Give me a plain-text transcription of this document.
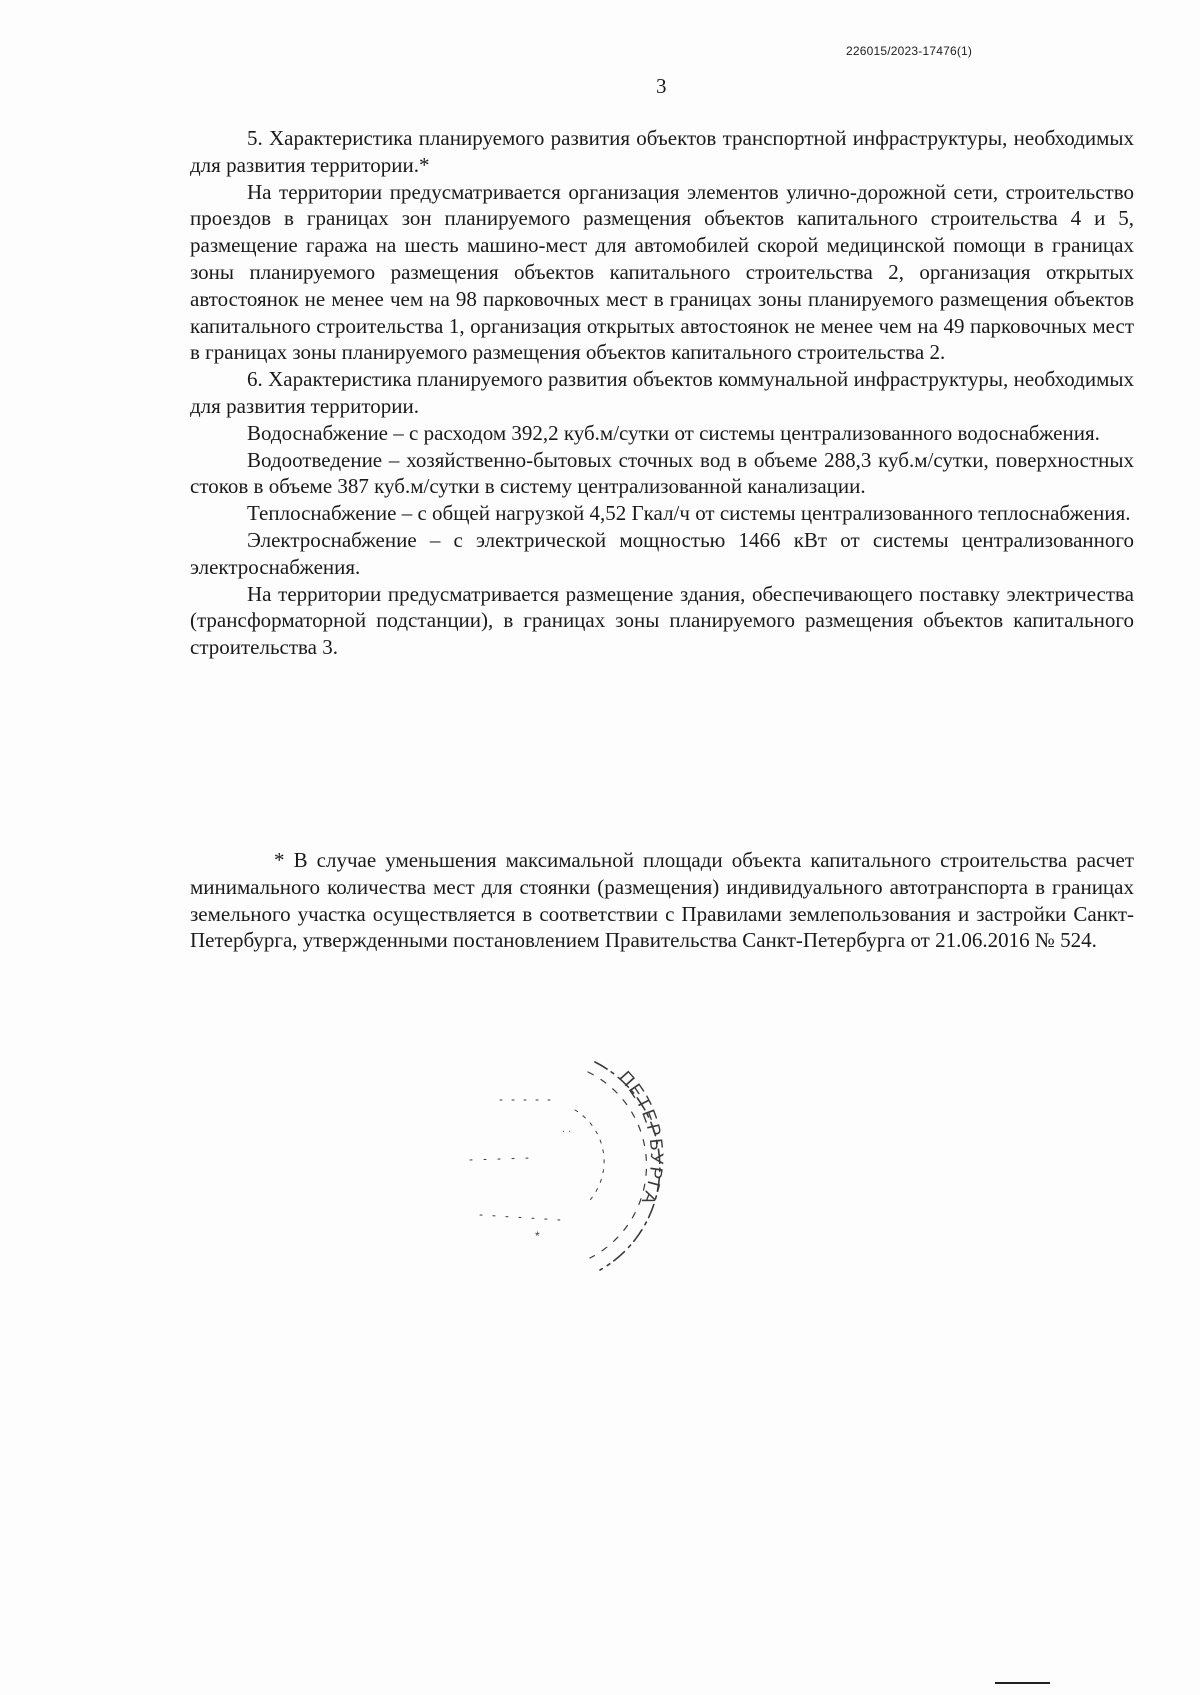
226015/2023-17476(1)
3

5. Характеристика планируемого развития объектов транспортной инфраструктуры, необходимых для развития территории.*

На территории предусматривается организация элементов улично-дорожной сети, строительство проездов в границах зон планируемого размещения объектов капитального строительства 4 и 5, размещение гаража на шесть машино-мест для автомобилей скорой медицинской помощи в границах зоны планируемого размещения объектов капитального строительства 2, организация открытых автостоянок не менее чем на 98 парковочных мест в границах зоны планируемого размещения объектов капитального строительства 1, организация открытых автостоянок не менее чем на 49 парковочных мест в границах зоны планируемого размещения объектов капитального строительства 2.

6. Характеристика планируемого развития объектов коммунальной инфраструктуры, необходимых для развития территории.

Водоснабжение – с расходом 392,2 куб.м/сутки от системы централизованного водоснабжения.

Водоотведение – хозяйственно-бытовых сточных вод в объеме 288,3 куб.м/сутки, поверхностных стоков в объеме 387 куб.м/сутки в систему централизованной канализации.

Теплоснабжение – с общей нагрузкой 4,52 Гкал/ч от системы централизованного теплоснабжения.

Электроснабжение – с электрической мощностью 1466 кВт от системы централизованного электроснабжения.

На территории предусматривается размещение здания, обеспечивающего поставку электричества (трансформаторной подстанции), в границах зоны планируемого размещения объектов капитального строительства 3.

* В случае уменьшения максимальной площади объекта капитального строительства расчет минимального количества мест для стоянки (размещения) индивидуального автотранспорта в границах земельного участка осуществляется в соответствии с Правилами землепользования и застройки Санкт-Петербурга, утвержденными постановлением Правительства Санкт-Петербурга от 21.06.2016 № 524.

ПЕТЕРБУРГА
*
. .
